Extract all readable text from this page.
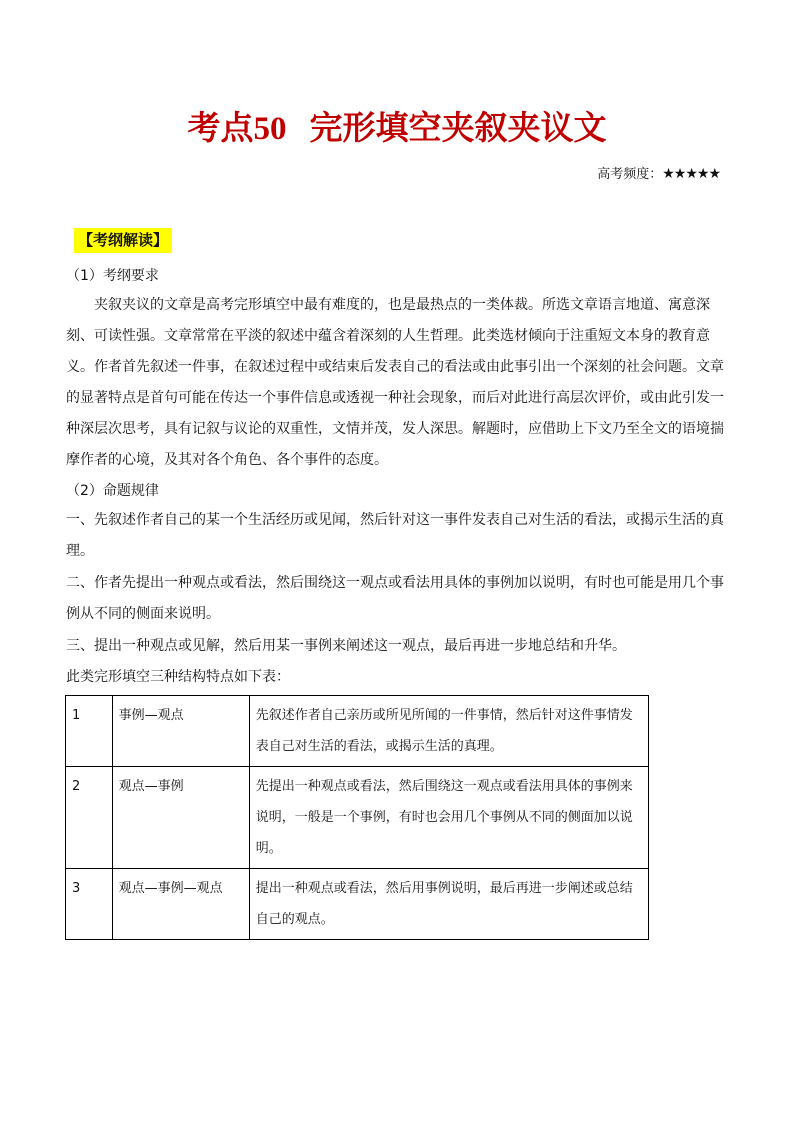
考点50 完形填空夹叙夹议文
高考频度：★★★★★
【考纲解读】
（1）考纲要求
夹叙夹议的文章是高考完形填空中最有难度的，也是最热点的一类体裁。所选文章语言地道、寓意深刻、可读性强。文章常常在平淡的叙述中蕴含着深刻的人生哲理。此类选材倾向于注重短文本身的教育意义。作者首先叙述一件事，在叙述过程中或结束后发表自己的看法或由此事引出一个深刻的社会问题。文章的显著特点是首句可能在传达一个事件信息或透视一种社会现象，而后对此进行高层次评价，或由此引发一种深层次思考，具有记叙与议论的双重性，文情并茂，发人深思。解题时，应借助上下文乃至全文的语境揣摩作者的心境，及其对各个角色、各个事件的态度。
（2）命题规律
一、先叙述作者自己的某一个生活经历或见闻，然后针对这一事件发表自己对生活的看法，或揭示生活的真理。
二、作者先提出一种观点或看法，然后围绕这一观点或看法用具体的事例加以说明，有时也可能是用几个事例从不同的侧面来说明。
三、提出一种观点或见解，然后用某一事例来阐述这一观点，最后再进一步地总结和升华。
此类完形填空三种结构特点如下表：
1	事例—观点	先叙述作者自己亲历或所见所闻的一件事情，然后针对这件事情发表自己对生活的看法，或揭示生活的真理。
2	观点—事例	先提出一种观点或看法，然后围绕这一观点或看法用具体的事例来说明，一般是一个事例，有时也会用几个事例从不同的侧面加以说明。
3	观点—事例—观点	提出一种观点或看法，然后用事例说明，最后再进一步阐述或总结自己的观点。
